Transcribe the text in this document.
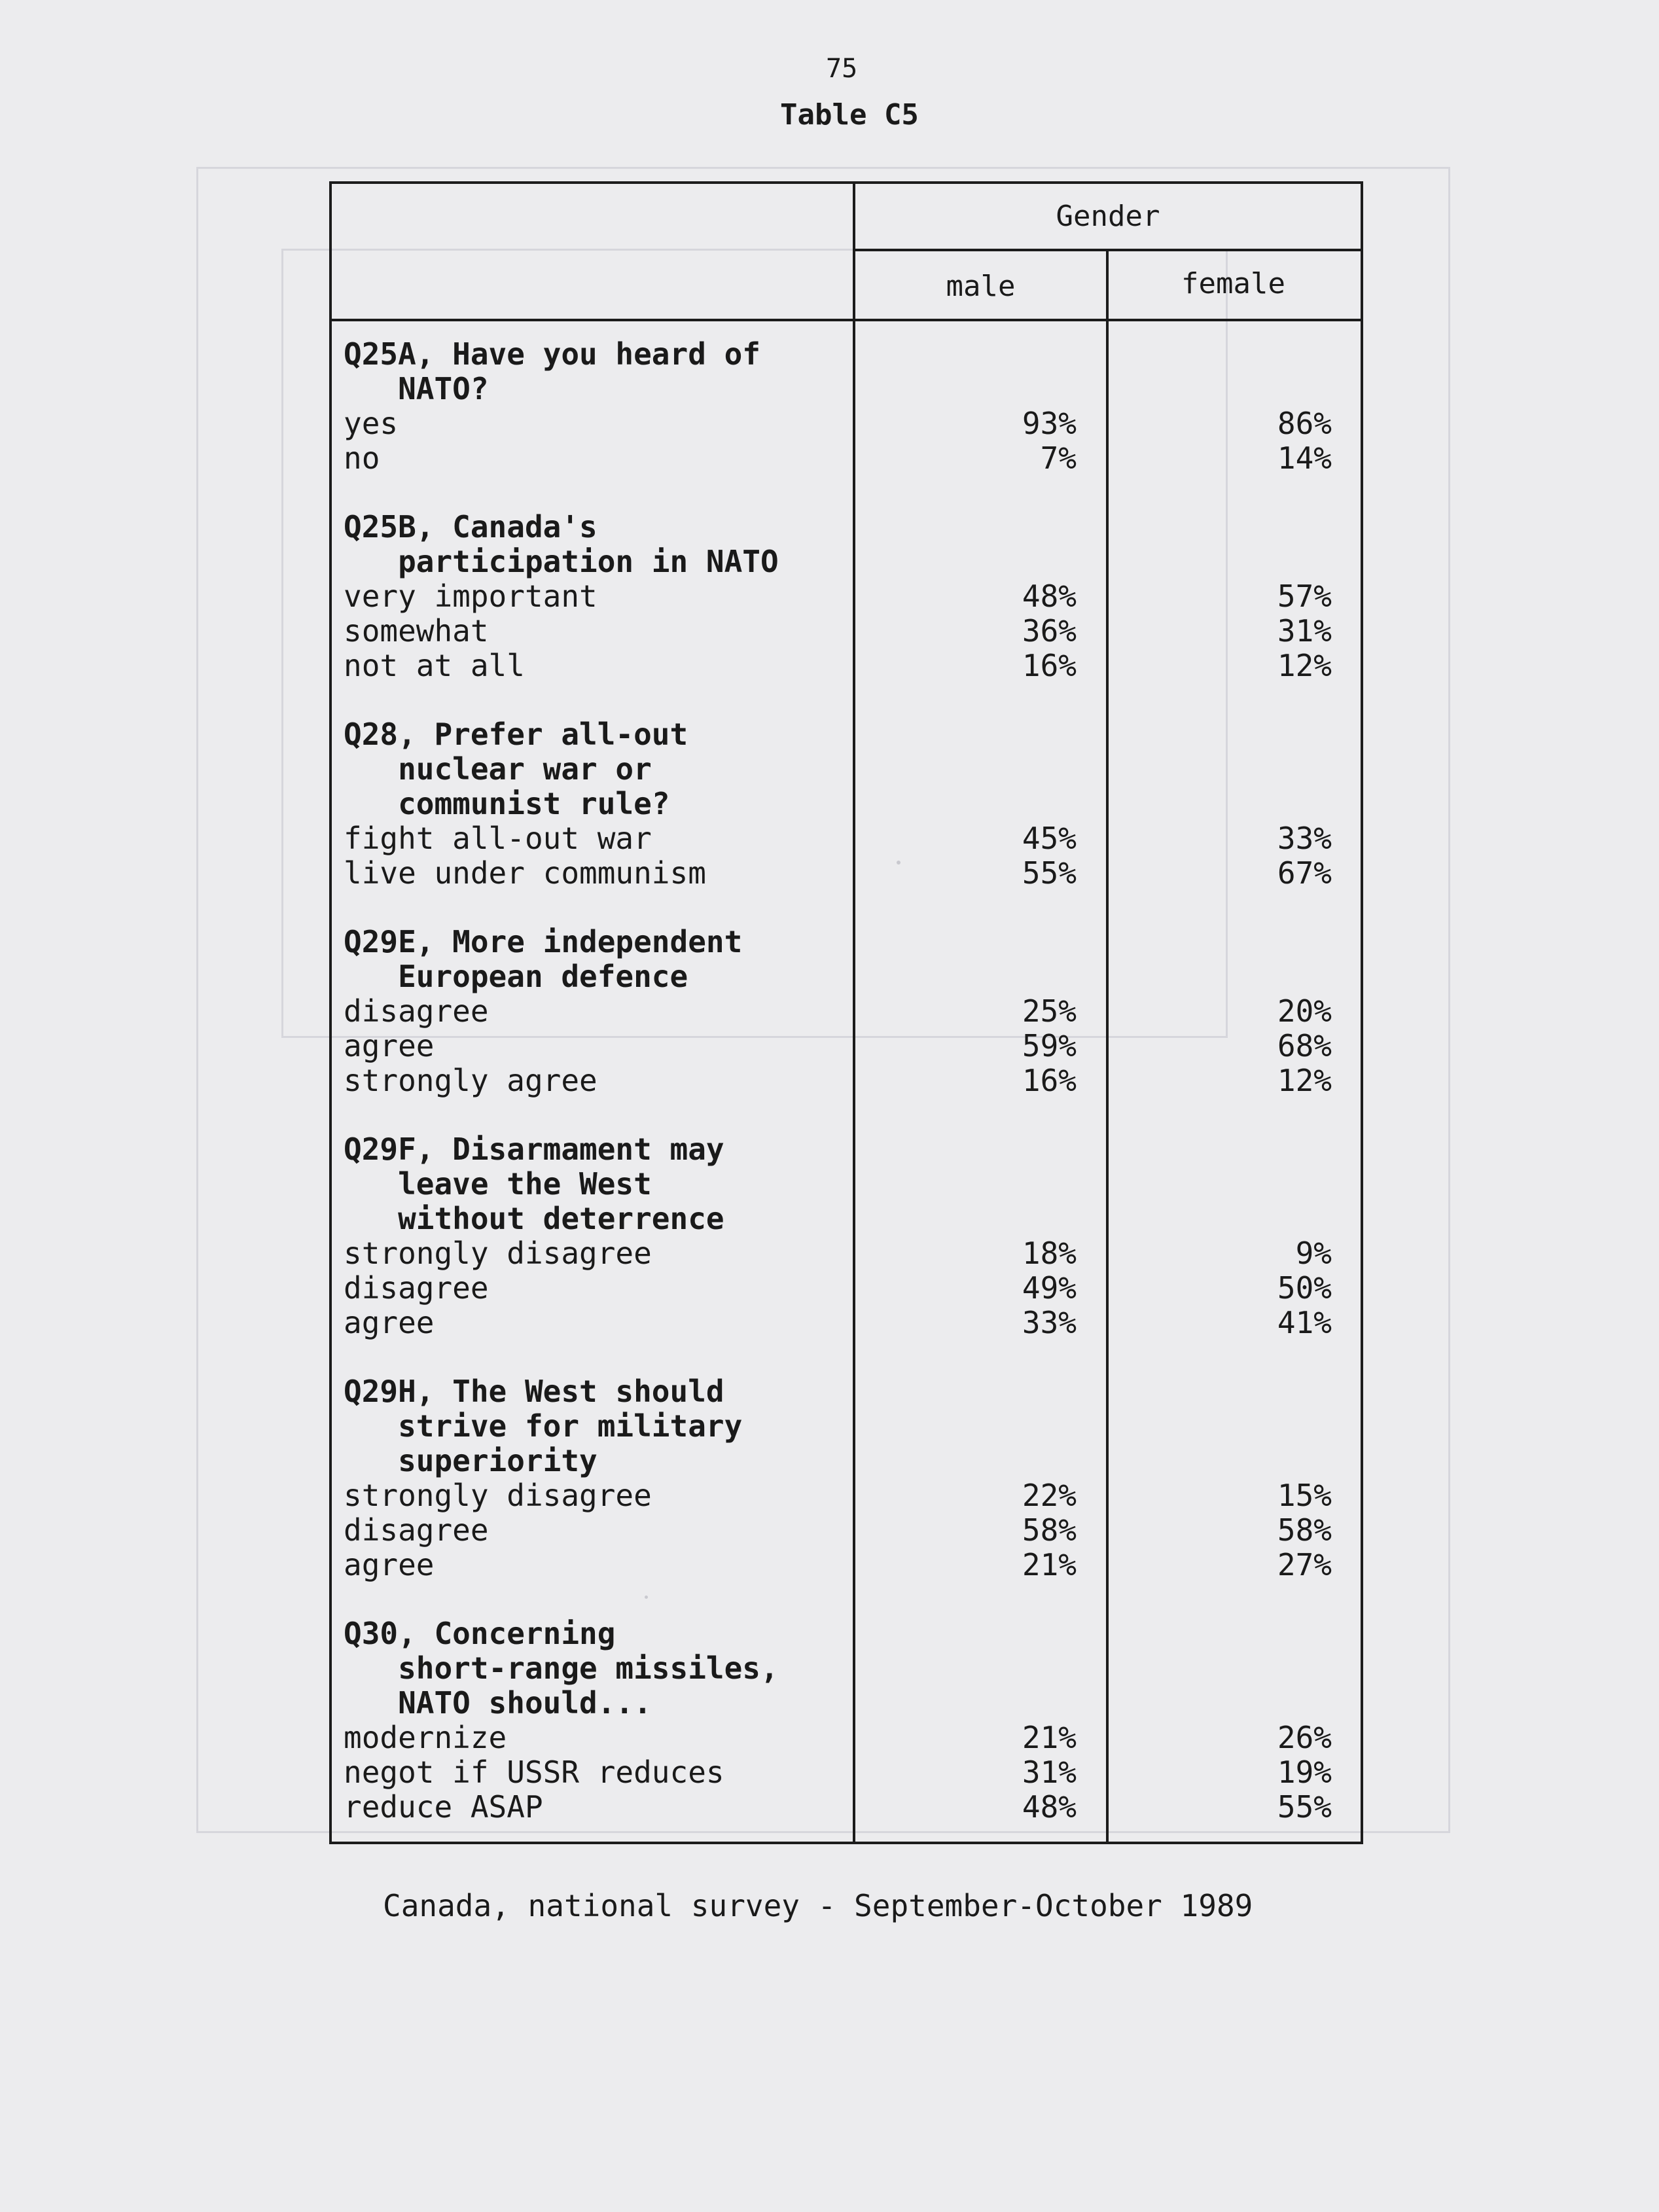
75
Table C5
Gender
male	female
Q25A, Have you heard of
NATO?
yes	93%	86%
no	7%	14%
Q25B, Canada's
participation in NATO
very important	48%	57%
somewhat	36%	31%
not at all	16%	12%
Q28, Prefer all-out
nuclear war or
communist rule?
fight all-out war	45%	33%
live under communism	55%	67%
Q29E, More independent
European defence
disagree	25%	20%
agree	59%	68%
strongly agree	16%	12%
Q29F, Disarmament may
leave the West
without deterrence
strongly disagree	18%	9%
disagree	49%	50%
agree	33%	41%
Q29H, The West should
strive for military
superiority
strongly disagree	22%	15%
disagree	58%	58%
agree	21%	27%
Q30, Concerning
short-range missiles,
NATO should...
modernize	21%	26%
negot if USSR reduces	31%	19%
reduce ASAP	48%	55%
Canada, national survey - September-October 1989
